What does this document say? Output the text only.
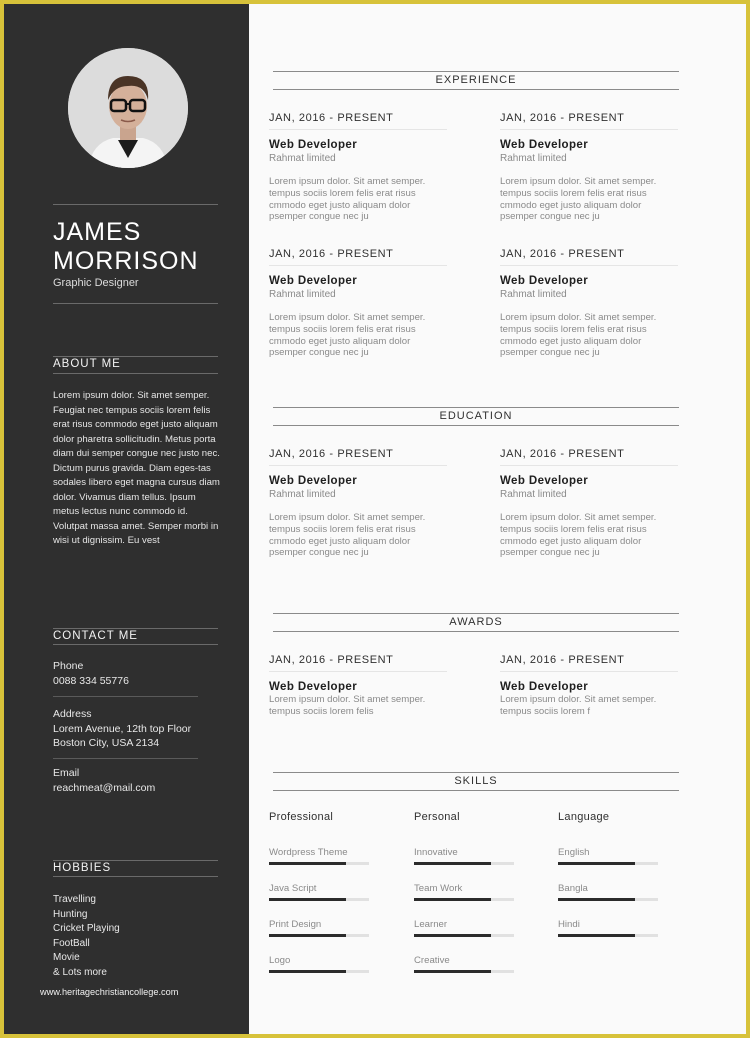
JAMES
MORRISON
Graphic Designer
ABOUT ME
Lorem ipsum dolor. Sit amet semper. Feugiat nec tempus sociis lorem felis erat risus commodo eget justo aliquam dolor pharetra sollicitudin. Metus porta diam dui semper congue nec justo nec. Dictum purus gravida. Diam eges-tas sodales libero eget magna cursus diam dolor. Vivamus diam tellus. Ipsum metus lectus nunc commodo id. Volutpat massa amet. Semper morbi in wisi ut dignissim. Eu vest
CONTACT ME
Phone
0088 334 55776
Address
Lorem Avenue, 12th top Floor
Boston City, USA 2134
Email
reachmeat@mail.com
HOBBIES
Travelling
Hunting
Cricket Playing
FootBall
Movie
& Lots more
www.heritagechristiancollege.com
EXPERIENCE
JAN, 2016 - PRESENT
Web Developer
Rahmat limited
Lorem ipsum dolor. Sit amet semper. tempus sociis lorem felis erat risus cmmodo eget justo aliquam dolor psemper congue nec ju
JAN, 2016 - PRESENT
Web Developer
Rahmat limited
Lorem ipsum dolor. Sit amet semper. tempus sociis lorem felis erat risus cmmodo eget justo aliquam dolor psemper congue nec ju
JAN, 2016 - PRESENT
Web Developer
Rahmat limited
Lorem ipsum dolor. Sit amet semper. tempus sociis lorem felis erat risus cmmodo eget justo aliquam dolor psemper congue nec ju
JAN, 2016 - PRESENT
Web Developer
Rahmat limited
Lorem ipsum dolor. Sit amet semper. tempus sociis lorem felis erat risus cmmodo eget justo aliquam dolor psemper congue nec ju
EDUCATION
JAN, 2016 - PRESENT
Web Developer
Rahmat limited
Lorem ipsum dolor. Sit amet semper. tempus sociis lorem felis erat risus cmmodo eget justo aliquam dolor psemper congue nec ju
JAN, 2016 - PRESENT
Web Developer
Rahmat limited
Lorem ipsum dolor. Sit amet semper. tempus sociis lorem felis erat risus cmmodo eget justo aliquam dolor psemper congue nec ju
AWARDS
JAN, 2016 - PRESENT
Web Developer
Lorem ipsum dolor. Sit amet semper. tempus sociis lorem felis
JAN, 2016 - PRESENT
Web Developer
Lorem ipsum dolor. Sit amet semper. tempus sociis lorem f
SKILLS
Professional
Wordpress Theme
Java Script
Print Design
Logo
Personal
Innovative
Team Work
Learner
Creative
Language
English
Bangla
Hindi
